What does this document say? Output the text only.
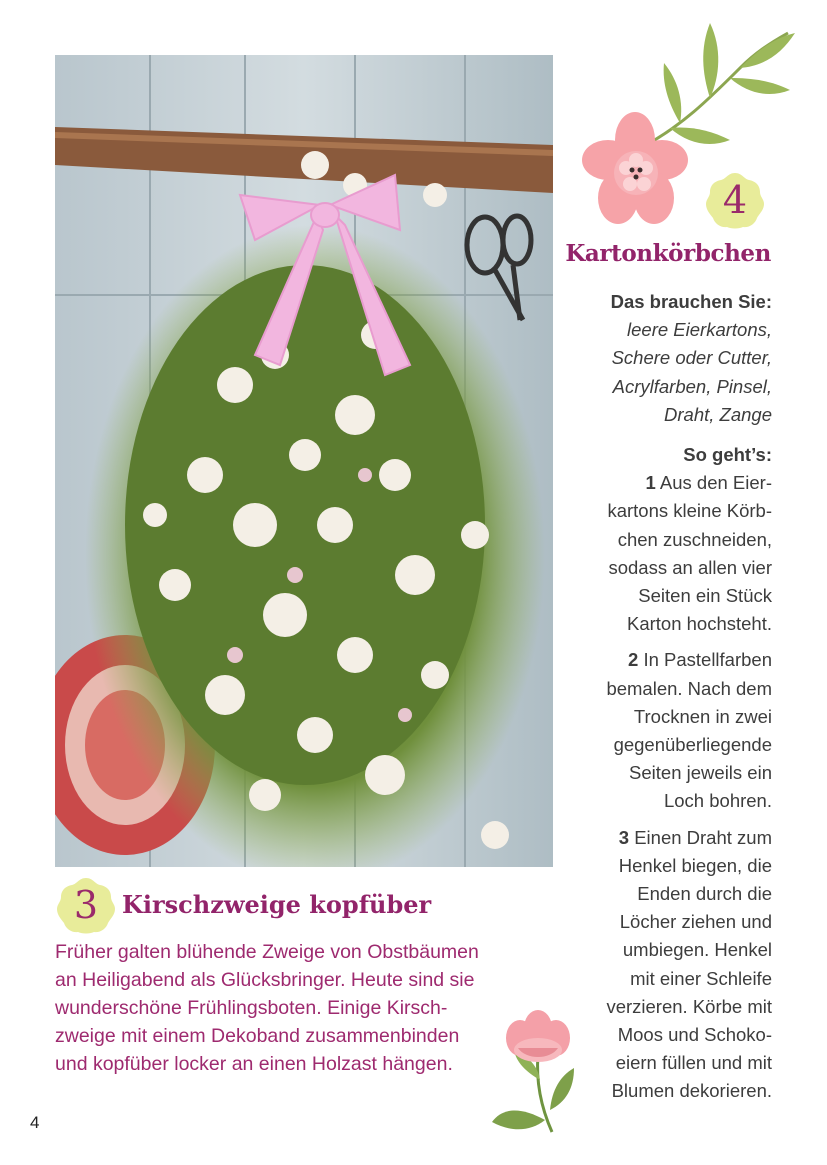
3 Kirschzweige kopfüber
Früher galten blühende Zweige von Obstbäumen
an Heiligabend als Glücksbringer. Heute sind sie
wunderschöne Frühlingsboten. Einige Kirsch-
zweige mit einem Dekoband zusammenbinden
und kopfüber locker an einen Holzast hängen.
4
Kartonkörbchen
Das brauchen Sie:
leere Eierkartons,
Schere oder Cutter,
Acrylfarben, Pinsel,
Draht, Zange
So geht’s:
1 Aus den Eier-
kartons kleine Körb-
chen zuschneiden,
sodass an allen vier
Seiten ein Stück
Karton hochsteht.
2 In Pastellfarben
bemalen. Nach dem
Trocknen in zwei
gegenüberliegende
Seiten jeweils ein
Loch bohren.
3 Einen Draht zum
Henkel biegen, die
Enden durch die
Löcher ziehen und
umbiegen. Henkel
mit einer Schleife
verzieren. Körbe mit
Moos und Schoko-
eiern füllen und mit
Blumen dekorieren.
4
